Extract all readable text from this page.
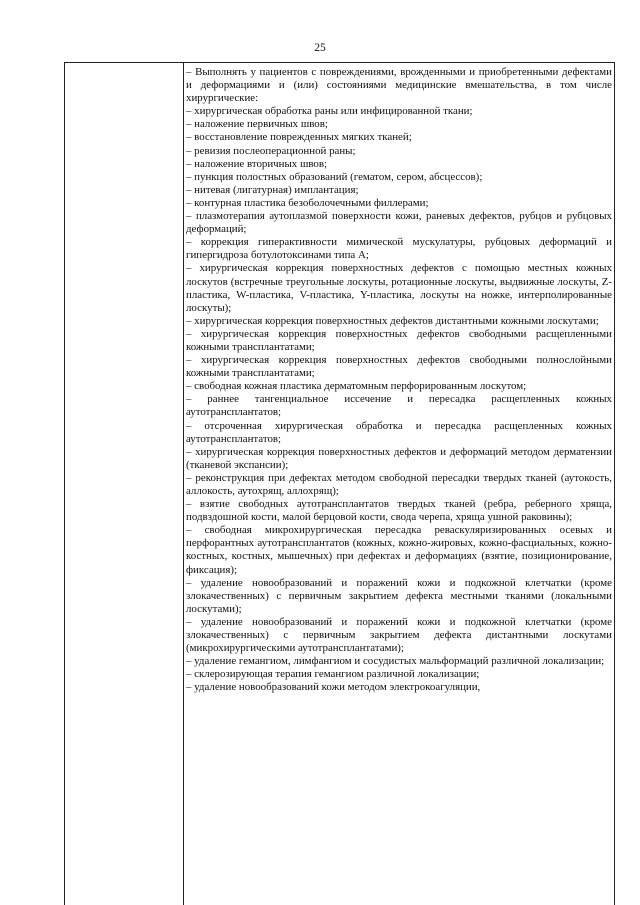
25

– Выполнять у пациентов с повреждениями, врожденными и приобретенными дефектами и деформациями и (или) состояниями медицинские вмешательства, в том числе хирургические:

– хирургическая обработка раны или инфицированной ткани;

– наложение первичных швов;

– восстановление поврежденных мягких тканей;

– ревизия послеоперационной раны;

– наложение вторичных швов;

– пункция полостных образований (гематом, сером, абсцессов);

– нитевая (лигатурная) имплантация;

– контурная пластика безоболочечными филлерами;

– плазмотерапия аутоплазмой поверхности кожи, раневых дефектов, рубцов и рубцовых деформаций;

– коррекция гиперактивности мимической мускулатуры, рубцовых деформаций и гипергидроза ботулотоксинами типа А;

– хирургическая коррекция поверхностных дефектов с помощью местных кожных лоскутов (встречные треугольные лоскуты, ротационные лоскуты, выдвижные лоскуты, Z-пластика, W-пластика, V-пластика, Y-пластика, лоскуты на ножке, интерполированные лоскуты);

– хирургическая коррекция поверхностных дефектов дистантными кожными лоскутами;

– хирургическая коррекция поверхностных дефектов свободными расщепленными кожными трансплантатами;

– хирургическая коррекция поверхностных дефектов свободными полнослойными кожными трансплантатами;

– свободная кожная пластика дерматомным перфорированным лоскутом;

– раннее тангенциальное иссечение и пересадка расщепленных кожных аутотрансплантатов;

– отсроченная хирургическая обработка и пересадка расщепленных кожных аутотрансплантатов;

– хирургическая коррекция поверхностных дефектов и деформаций методом дерматензии (тканевой экспансии);

– реконструкция при дефектах методом свободной пересадки твердых тканей (аутокость, аллокость, аутохрящ, аллохрящ);

– взятие свободных аутотрансплантатов твердых тканей (ребра, реберного хряща, подвздошной кости, малой берцовой кости, свода черепа, хряща ушной раковины);

– свободная микрохирургическая пересадка реваскуляризированных осевых и перфорантных аутотрансплантатов (кожных, кожно-жировых, кожно-фасциальных, кожно-костных, костных, мышечных) при дефектах и деформациях (взятие, позиционирование, фиксация);

– удаление новообразований и поражений кожи и подкожной клетчатки (кроме злокачественных) с первичным закрытием дефекта местными тканями (локальными лоскутами);

– удаление новообразований и поражений кожи и подкожной клетчатки (кроме злокачественных) с первичным закрытием дефекта дистантными лоскутами (микрохирургическими аутотрансплантатами);

– удаление гемангиом, лимфангиом и сосудистых мальформаций различной локализации;

– склерозирующая терапия гемангиом различной локализации;

– удаление новообразований кожи методом электрокоагуляции,
